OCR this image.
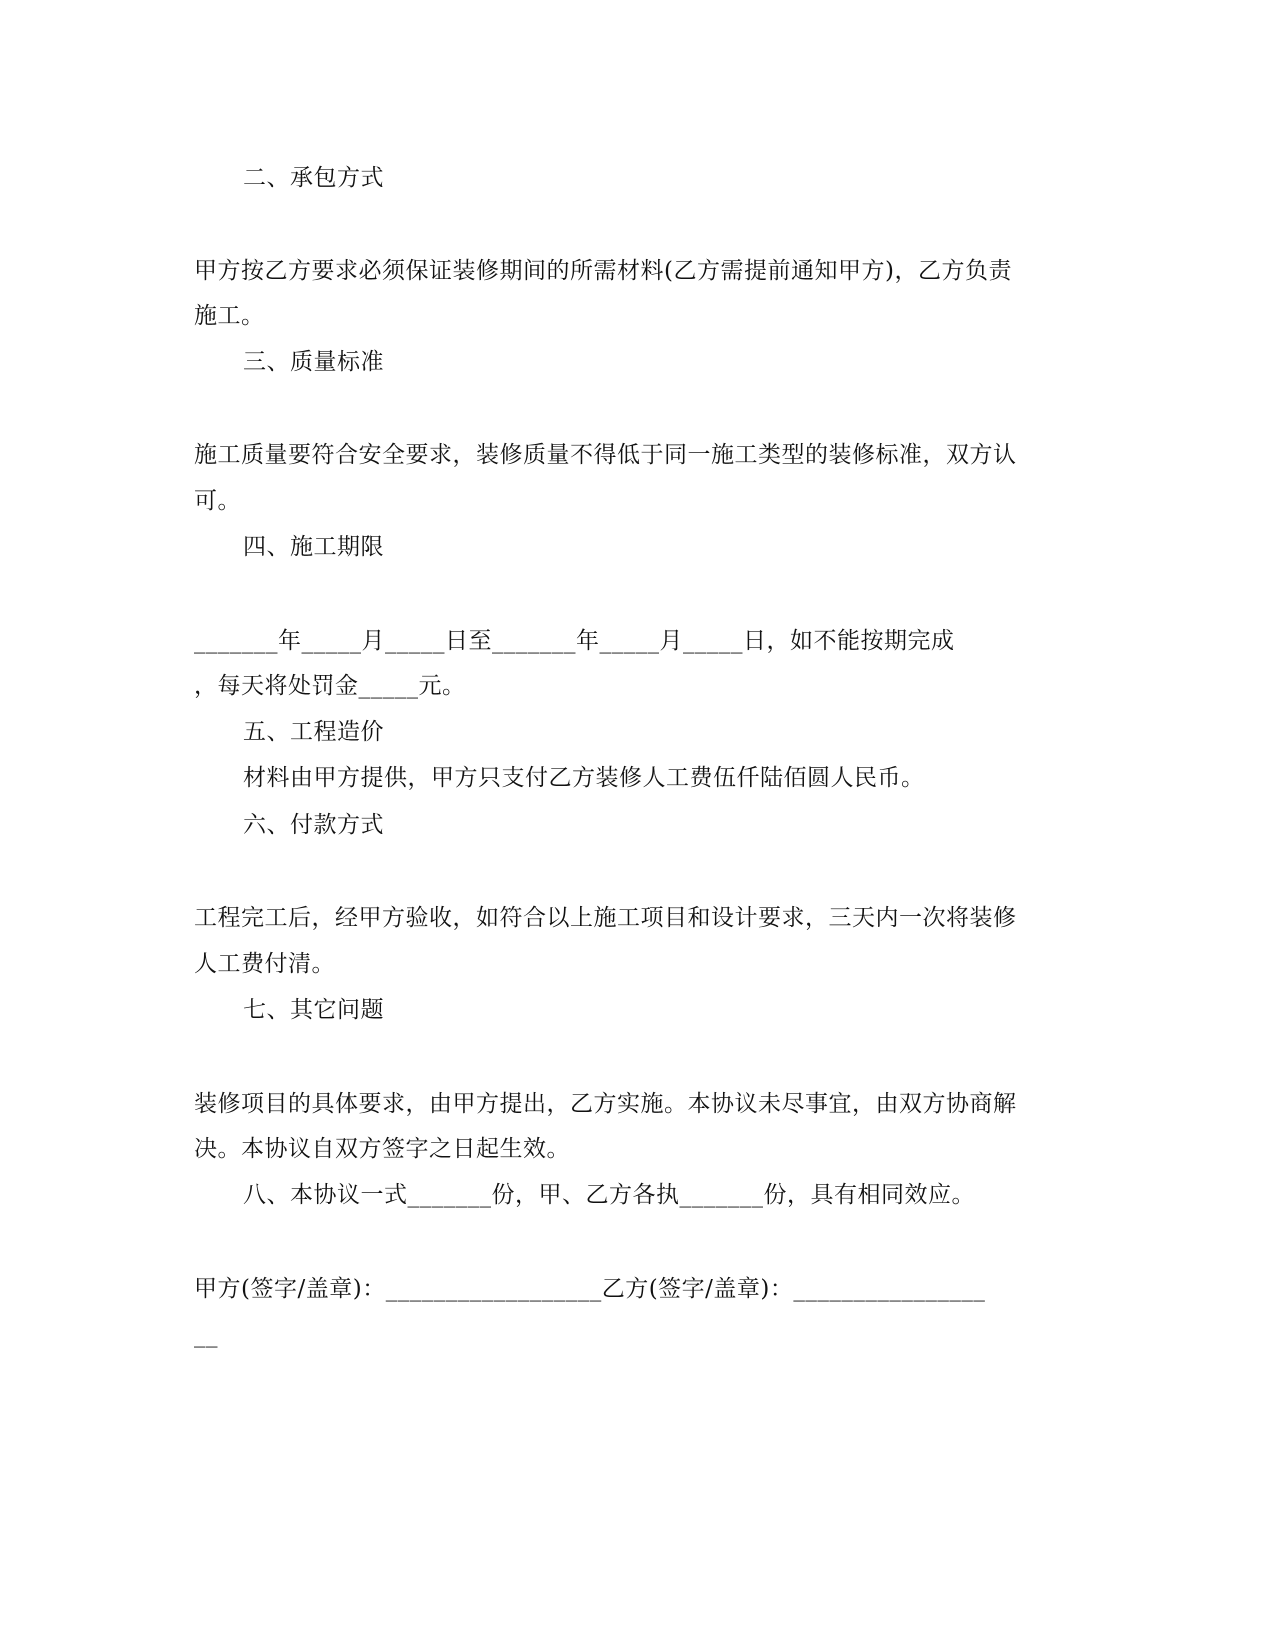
二、承包方式
甲方按乙方要求必须保证装修期间的所需材料(乙方需提前通知甲方)，乙方负责
施工。
三、质量标准
施工质量要符合安全要求，装修质量不得低于同一施工类型的装修标准，双方认
可。
四、施工期限
_______年_____月_____日至_______年_____月_____日，如不能按期完成
，每天将处罚金_____元。
五、工程造价
材料由甲方提供，甲方只支付乙方装修人工费伍仟陆佰圆人民币。
六、付款方式
工程完工后，经甲方验收，如符合以上施工项目和设计要求，三天内一次将装修
人工费付清。
七、其它问题
装修项目的具体要求，由甲方提出，乙方实施。本协议未尽事宜，由双方协商解
决。本协议自双方签字之日起生效。
八、本协议一式_______份，甲、乙方各执_______份，具有相同效应。
甲方(签字/盖章)：__________________乙方(签字/盖章)：________________
__
